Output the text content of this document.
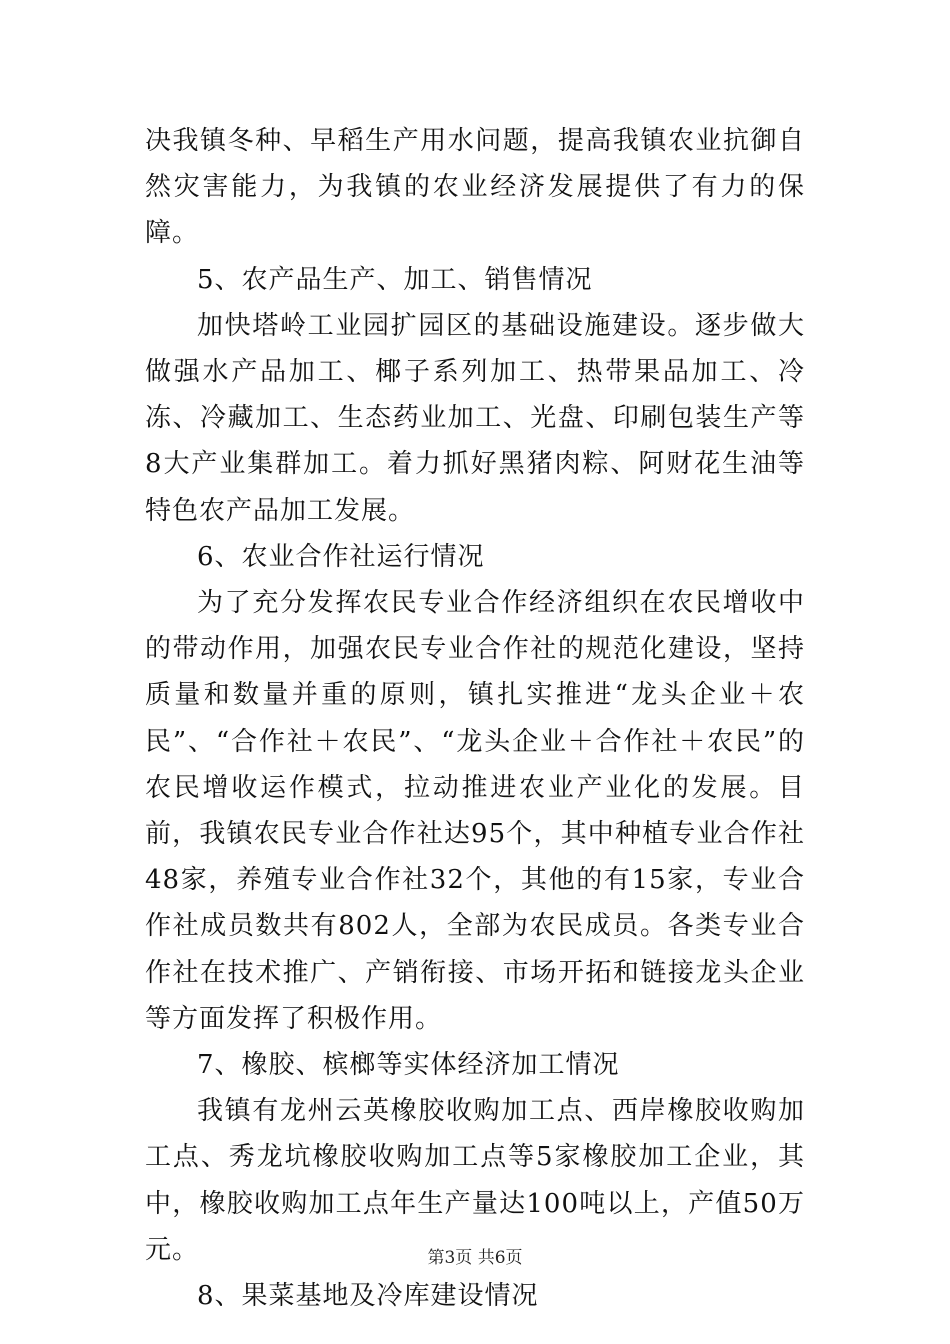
决我镇冬种、早稻生产用水问题，提高我镇农业抗御自然灾害能力，为我镇的农业经济发展提供了有力的保障。

5、农产品生产、加工、销售情况

加快塔岭工业园扩园区的基础设施建设。逐步做大做强水产品加工、椰子系列加工、热带果品加工、冷冻、冷藏加工、生态药业加工、光盘、印刷包装生产等8大产业集群加工。着力抓好黑猪肉粽、阿财花生油等特色农产品加工发展。

6、农业合作社运行情况

为了充分发挥农民专业合作经济组织在农民增收中的带动作用，加强农民专业合作社的规范化建设，坚持质量和数量并重的原则，镇扎实推进“龙头企业＋农民”、“合作社＋农民”、“龙头企业＋合作社＋农民”的农民增收运作模式，拉动推进农业产业化的发展。目前，我镇农民专业合作社达95个，其中种植专业合作社48家，养殖专业合作社32个，其他的有15家，专业合作社成员数共有802人，全部为农民成员。各类专业合作社在技术推广、产销衔接、市场开拓和链接龙头企业等方面发挥了积极作用。

7、橡胶、槟榔等实体经济加工情况

我镇有龙州云英橡胶收购加工点、西岸橡胶收购加工点、秀龙坑橡胶收购加工点等5家橡胶加工企业，其中，橡胶收购加工点年生产量达100吨以上，产值50万元。

8、果菜基地及冷库建设情况

第3页 共6页
